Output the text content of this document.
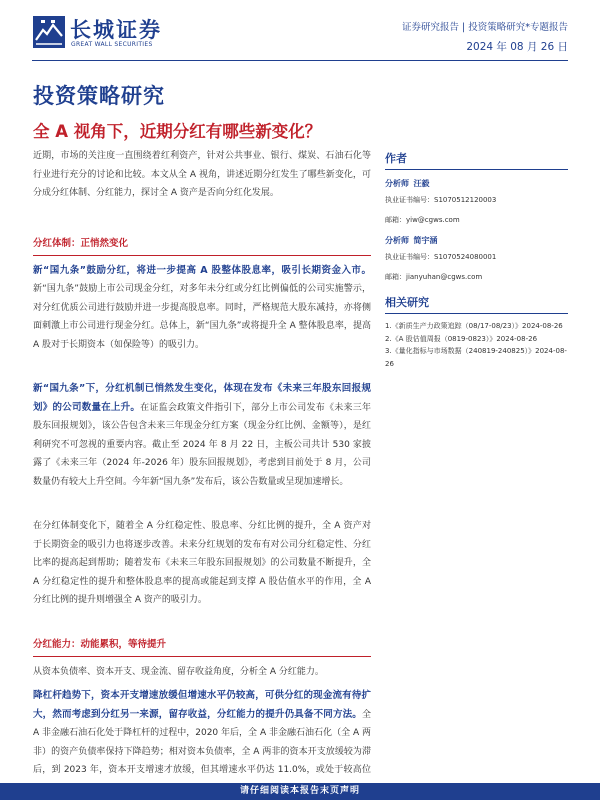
长城证券
GREAT WALL SECURITIES
证券研究报告 | 投资策略研究*专题报告
2024 年 08 月 26 日
投资策略研究
全 A 视角下，近期分红有哪些新变化？

近期，市场的关注度一直围绕着红利资产，针对公共事业、银行、煤炭、石油石化等行业进行充分的讨论和比较。本文从全 A 视角，讲述近期分红发生了哪些新变化，可分成分红体制、分红能力，探讨全 A 资产是否向分红化发展。

分红体制：正悄然变化

新“国九条”鼓励分红，将进一步提高 A 股整体股息率，吸引长期资金入市。新“国九条”鼓励上市公司现金分红，对多年未分红或分红比例偏低的公司实施警示，对分红优质公司进行鼓励并进一步提高股息率。同时，严格规范大股东减持，亦将侧面刺激上市公司进行现金分红。总体上，新“国九条”或将提升全 A 整体股息率，提高 A 股对于长期资本（如保险等）的吸引力。

新“国九条”下，分红机制已悄然发生变化，体现在发布《未来三年股东回报规划》的公司数量在上升。在证监会政策文件指引下，部分上市公司发布《未来三年股东回报规划》，该公告包含未来三年现金分红方案（现金分红比例、金额等），是红利研究不可忽视的重要内容。截止至 2024 年 8 月 22 日，主板公司共计 530 家披露了《未来三年（2024 年-2026 年）股东回报规划》，考虑到目前处于 8 月，公司数量仍有较大上升空间。今年新“国九条”发布后，该公告数量或呈现加速增长。

在分红体制变化下，随着全 A 分红稳定性、股息率、分红比例的提升，全 A 资产对于长期资金的吸引力也将逐步改善。未来分红规划的发布有对公司分红稳定性、分红比率的提高起到帮助；随着发布《未来三年股东回报规划》的公司数量不断提升，全 A 分红稳定性的提升和整体股息率的提高或能起到支撑 A 股估值水平的作用，全 A 分红比例的提升则增强全 A 资产的吸引力。

分红能力：动能累积，等待提升

从资本负债率、资本开支、现金流、留存收益角度，分析全 A 分红能力。

降杠杆趋势下，资本开支增速放缓但增速水平仍较高，可供分红的现金流有待扩大，然而考虑到分红另一来源，留存收益，分红能力的提升仍具备不同方法。全 A 非金融石油石化处于降杠杆的过程中，2020 年后，全 A 非金融石油石化（全 A 两非）的资产负债率保持下降趋势；相对资本负债率，全 A 两非的资本开支放缓较为滞后，到 2023 年，资本开支增速才放缓，但其增速水平仍达 11.0%，或处于较高位

作者
分析师 汪毅
执业证书编号：S1070512120003
邮箱：yiw@cgws.com
分析师 简宇涵
执业证书编号：S1070524080001
邮箱：jianyuhan@cgws.com
相关研究
1.《新质生产力政策追踪（08/17-08/23）》2024-08-26
2.《A 股估值周报（0819-0823）》2024-08-26
3.《量化指标与市场数据（240819-240825）》2024-08-26
请仔细阅读本报告末页声明
